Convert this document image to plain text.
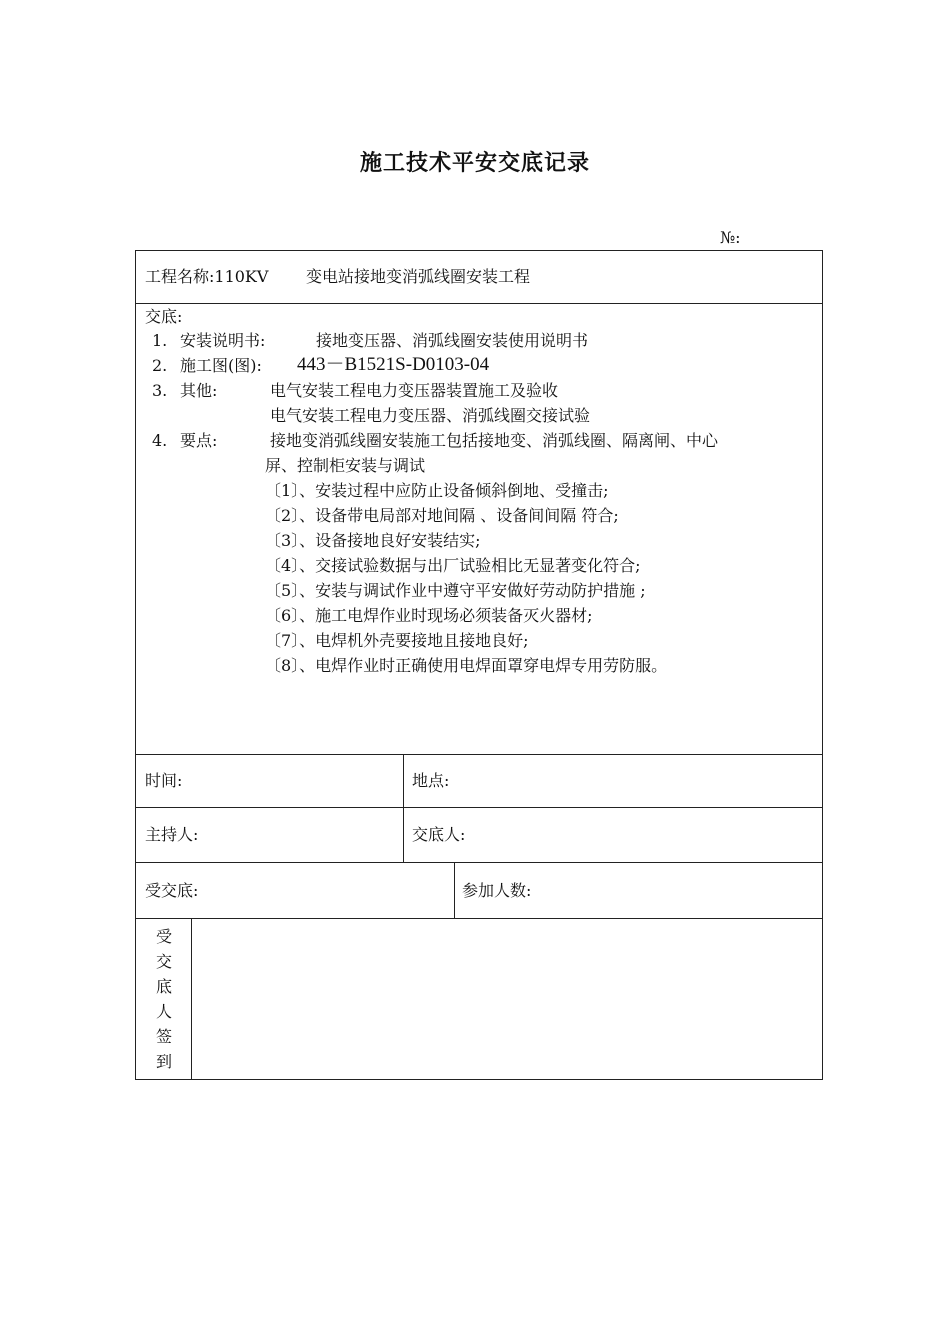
施工技术平安交底记录
№:
工程名称:110KV 变电站接地变消弧线圈安装工程
交底:
1. 安装说明书:	接地变压器、消弧线圈安装使用说明书
2. 施工图(图): 443－B1521S-D0103-04
3. 其他:	电气安装工程电力变压器装置施工及验收
电气安装工程电力变压器、消弧线圈交接试验
4. 要点:	接地变消弧线圈安装施工包括接地变、消弧线圈、隔离闸、中心
屏、控制柜安装与调试
〔1〕、安装过程中应防止设备倾斜倒地、受撞击;
〔2〕、设备带电局部对地间隔 、设备间间隔 符合;
〔3〕、设备接地良好安装结实;
〔4〕、交接试验数据与出厂试验相比无显著变化符合;
〔5〕、安装与调试作业中遵守平安做好劳动防护措施 ;
〔6〕、施工电焊作业时现场必须装备灭火器材;
〔7〕、电焊机外壳要接地且接地良好;
〔8〕、电焊作业时正确使用电焊面罩穿电焊专用劳防服。
时间:	地点:
主持人:	交底人:
受交底:	参加人数:
受
交
底
人
签
到
